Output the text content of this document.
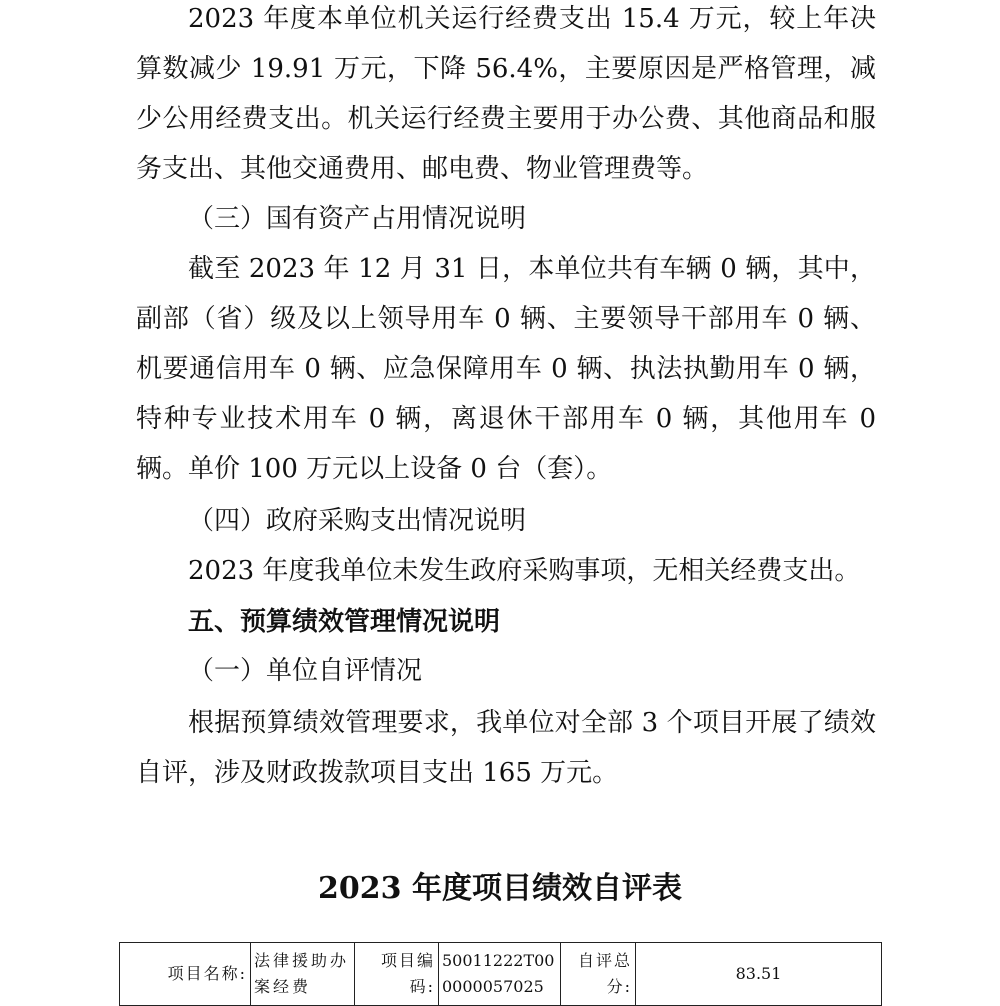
2023 年度本单位机关运行经费支出 15.4 万元，较上年决算数减少 19.91 万元，下降 56.4%，主要原因是严格管理，减少公用经费支出。机关运行经费主要用于办公费、其他商品和服务支出、其他交通费用、邮电费、物业管理费等。

（三）国有资产占用情况说明

截至 2023 年 12 月 31 日，本单位共有车辆 0 辆，其中，副部（省）级及以上领导用车 0 辆、主要领导干部用车 0 辆、机要通信用车 0 辆、应急保障用车 0 辆、执法执勤用车 0 辆，特种专业技术用车 0 辆，离退休干部用车 0 辆，其他用车 0 辆。单价 100 万元以上设备 0 台（套）。

（四）政府采购支出情况说明

2023 年度我单位未发生政府采购事项，无相关经费支出。

五、预算绩效管理情况说明

（一）单位自评情况

根据预算绩效管理要求，我单位对全部 3 个项目开展了绩效自评，涉及财政拨款项目支出 165 万元。

2023 年度项目绩效自评表
项目名称:	法律援助办案经费	项目编码:	50011222T000000057025	自评总分:	83.51
